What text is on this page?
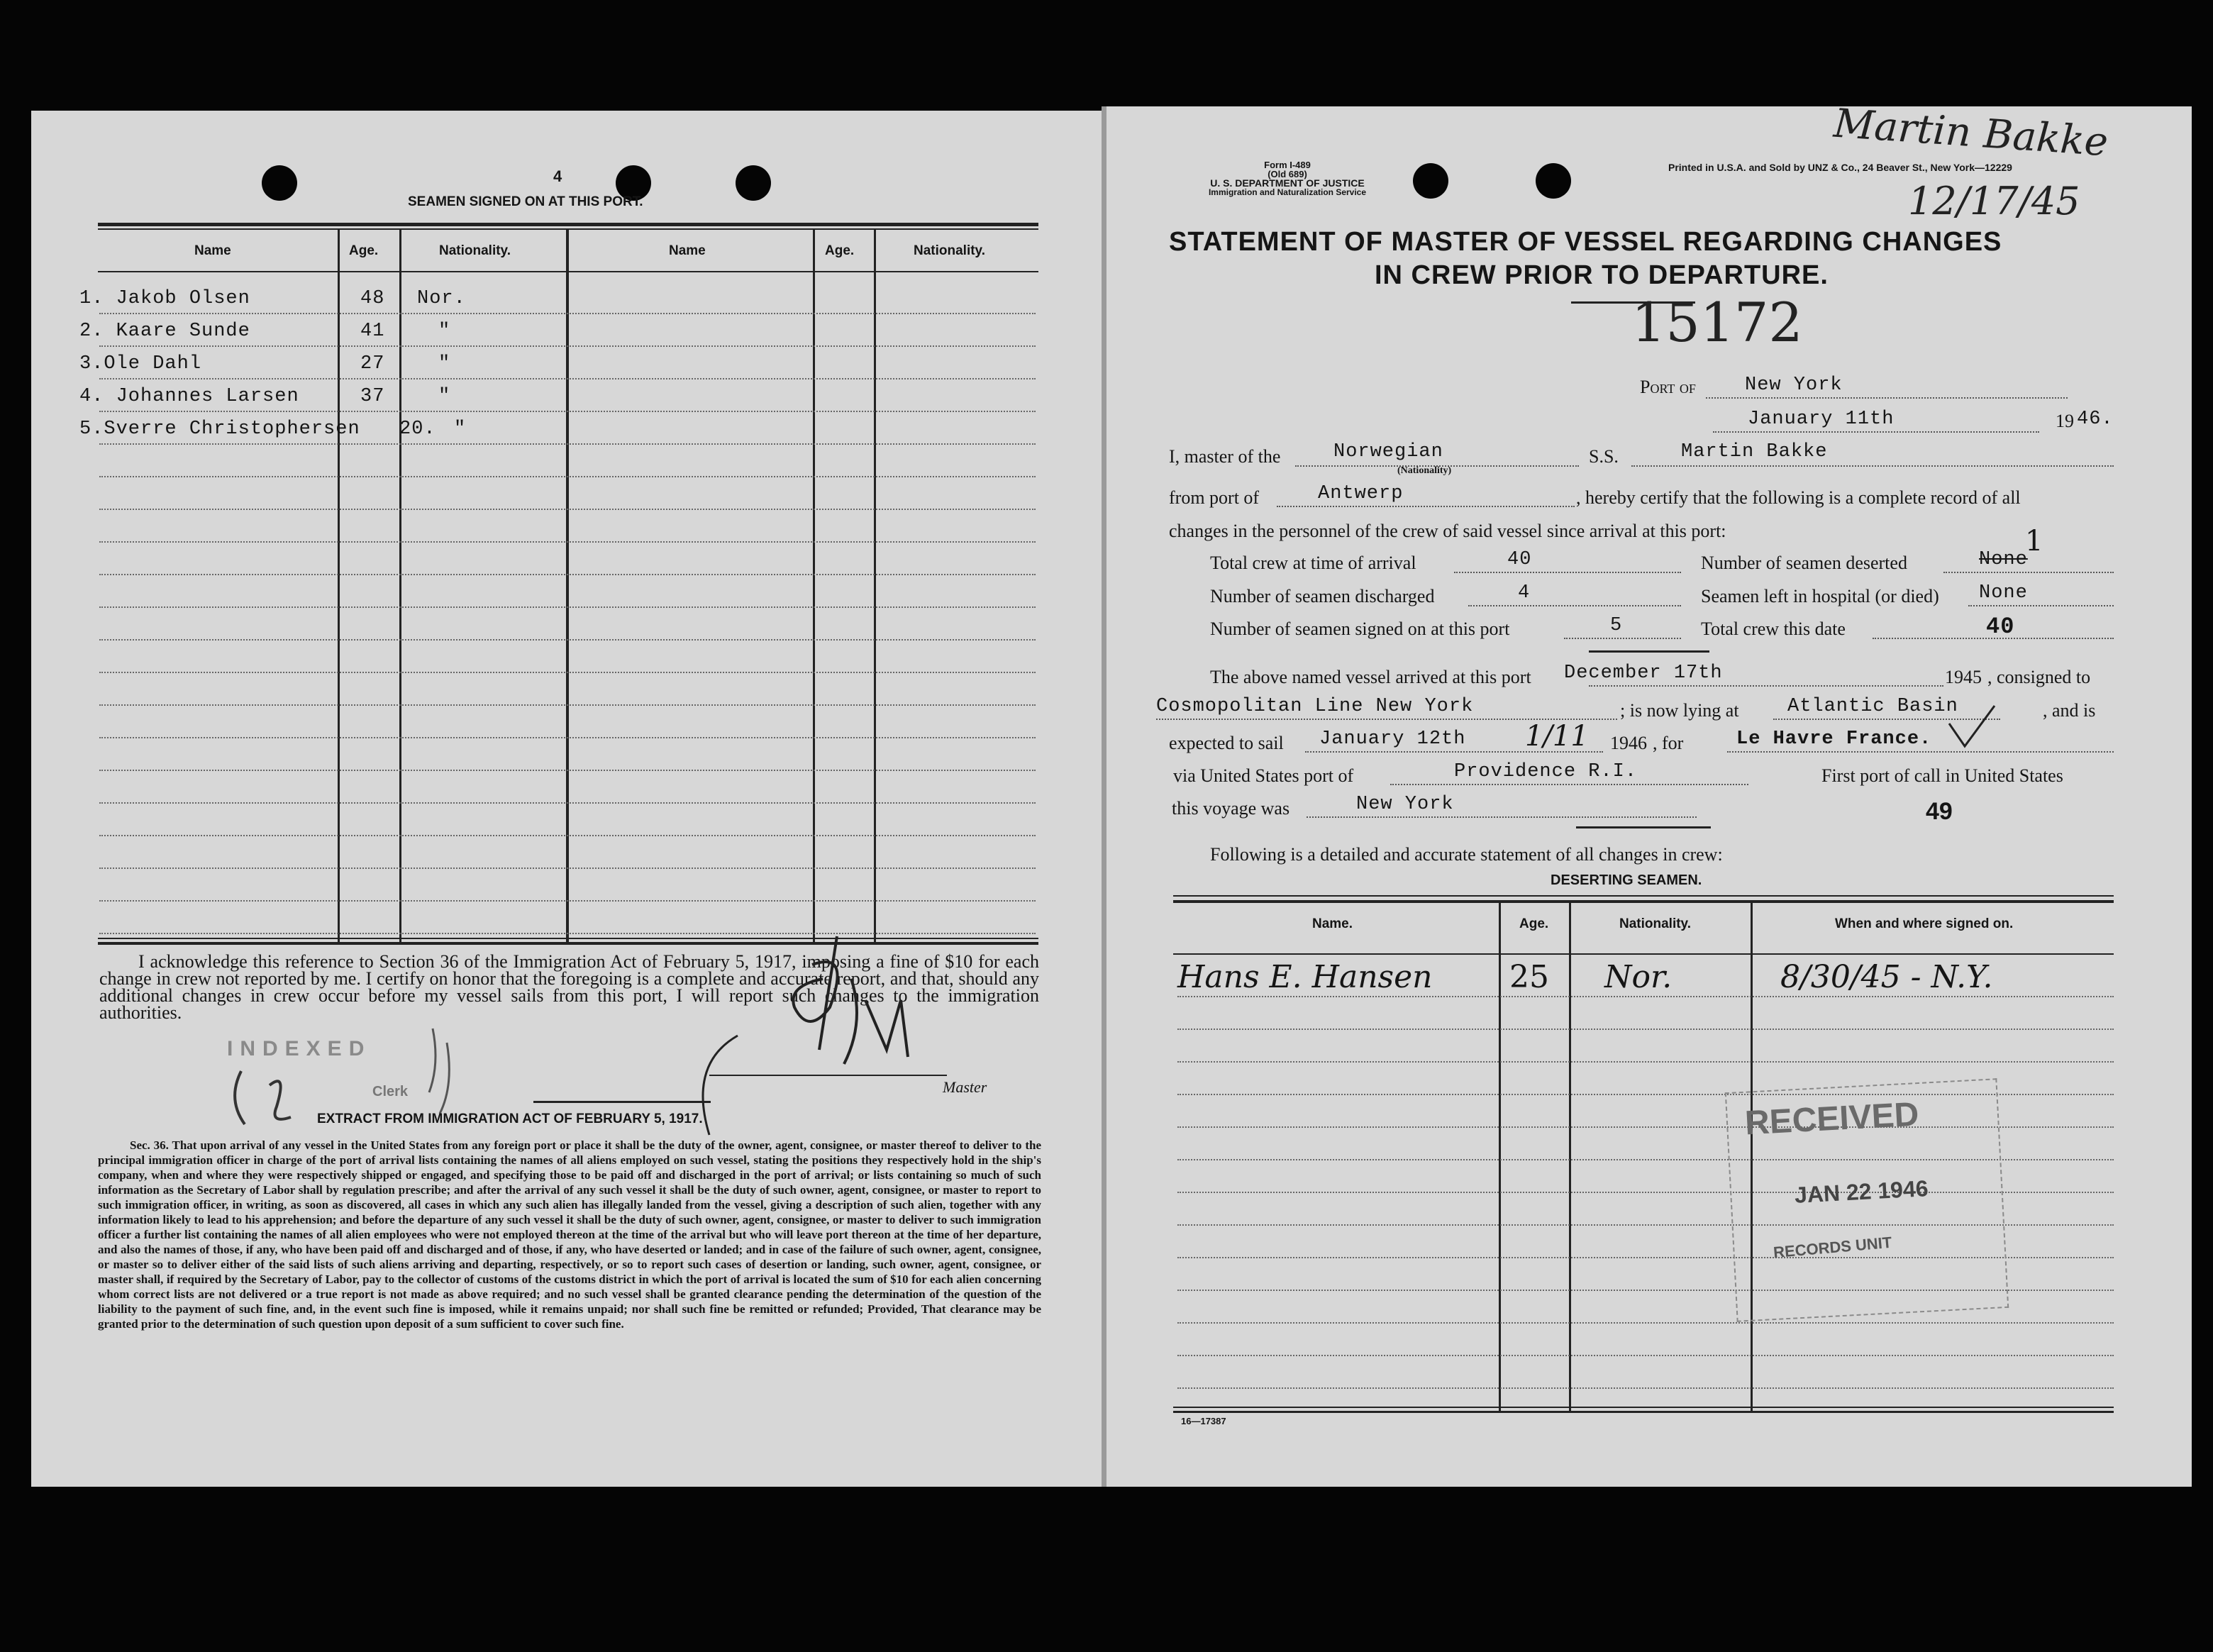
4
SEAMEN SIGNED ON AT THIS PORT.
Name	Age.	Nationality.	Name	Age.	Nationality.
1. Jakob Olsen	48 Nor.
2. Kaare Sunde	41	"
3.Ole Dahl	27	"
4. Johannes Larsen	37	"
5.Sverre Christophersen 20. "
I acknowledge this reference to Section 36 of the Immigration Act of February 5, 1917, imposing a fine of $10 for each change in crew not reported by me. I certify on honor that the foregoing is a complete and accurate report, and that, should any additional changes in crew occur before my vessel sails from this port, I will report such changes to the immigration authorities.
INDEXED
Clerk	Master
EXTRACT FROM IMMIGRATION ACT OF FEBRUARY 5, 1917.
Sec. 36. That upon arrival of any vessel in the United States from any foreign port or place it shall be the duty of the owner, agent, consignee, or master thereof to deliver to the principal immigration officer in charge of the port of arrival lists containing the names of all aliens employed on such vessel, stating the positions they respectively hold in the ship's company, when and where they were respectively shipped or engaged, and specifying those to be paid off and discharged in the port of arrival; or lists containing so much of such information as the Secretary of Labor shall by regulation prescribe; and after the arrival of any such vessel it shall be the duty of such owner, agent, consignee, or master to report to such immigration officer, in writing, as soon as discovered, all cases in which any such alien has illegally landed from the vessel, giving a description of such alien, together with any information likely to lead to his apprehension; and before the departure of any such vessel it shall be the duty of such owner, agent, consignee, or master to deliver to such immigration officer a further list containing the names of all alien employees who were not employed thereon at the time of the arrival but who will leave port thereon at the time of her departure, and also the names of those, if any, who have been paid off and discharged and of those, if any, who have deserted or landed; and in case of the failure of such owner, agent, consignee, or master so to deliver either of the said lists of such aliens arriving and departing, respectively, or so to report such cases of desertion or landing, such owner, agent, consignee, or master shall, if required by the Secretary of Labor, pay to the collector of customs of the customs district in which the port of arrival is located the sum of $10 for each alien concerning whom correct lists are not delivered or a true report is not made as above required; and no such vessel shall be granted clearance pending the determination of the question of the liability to the payment of such fine, and, in the event such fine is imposed, while it remains unpaid; nor shall such fine be remitted or refunded; Provided, That clearance may be granted prior to the determination of such question upon deposit of a sum sufficient to cover such fine.
Form I-489
(Old 689)
U. S. DEPARTMENT OF JUSTICE
Immigration and Naturalization Service
Printed in U.S.A. and Sold by UNZ & Co., 24 Beaver St., New York—12229
Martin Bakke
12/17/45
STATEMENT OF MASTER OF VESSEL REGARDING CHANGES
IN CREW PRIOR TO DEPARTURE.
15172
Port of	New York
January 11th	19 46.
I, master of the	Norwegian
(Nationality)
S.S.	Martin Bakke
from port of	Antwerp	, hereby certify that the following is a complete record of all
changes in the personnel of the crew of said vessel since arrival at this port:
Total crew at time of arrival	40
Number of seamen discharged	4
Number of seamen signed on at this port	5
Number of seamen deserted	None
1
Seamen left in hospital (or died) None
Total crew this date	40
The above named vessel arrived at this port December 17th	1945 , consigned to
Cosmopolitan Line New York	; is now lying at	Atlantic Basin	, and is
expected to sail January 12th 1/11 1946 , for	Le Havre France.
via United States port of	Providence R.I.	First port of call in United States
this voyage was	New York	49
Following is a detailed and accurate statement of all changes in crew:
DESERTING SEAMEN.
Name.	Age.	Nationality.	When and where signed on.
Hans E. Hansen 25 Nor.	8/30/45 - N.Y.
RECEIVED
JAN 22 1946
RECORDS UNIT
16—17387
